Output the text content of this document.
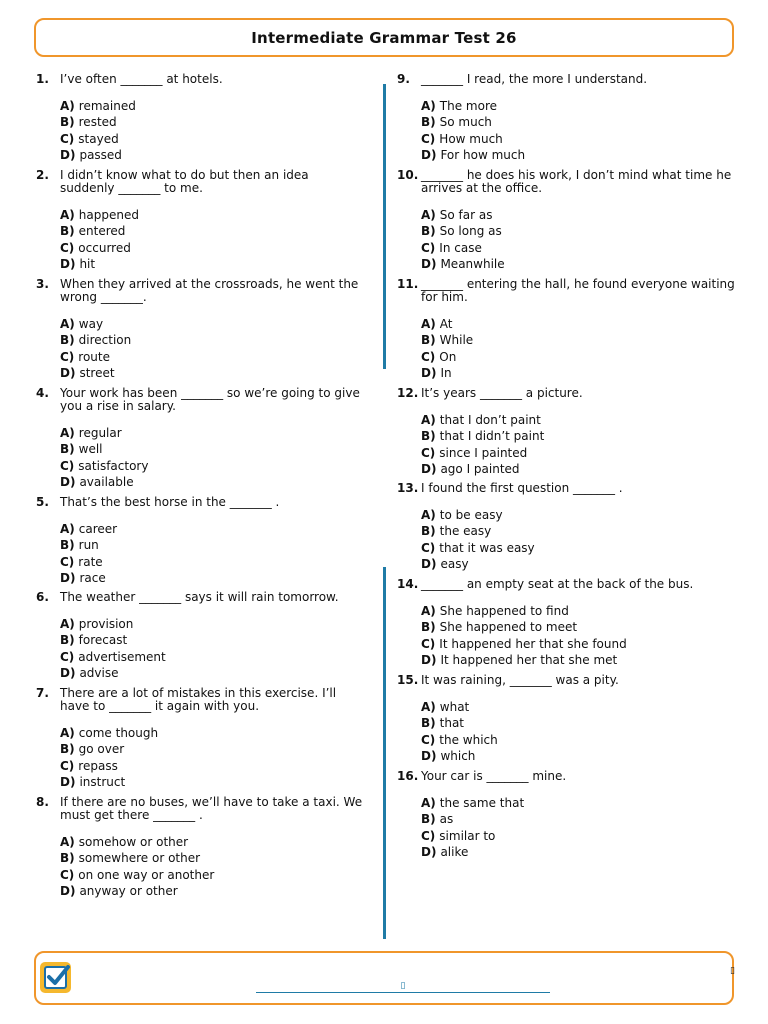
Intermediate Grammar Test 26
1. I’ve often _______ at hotels.
A) remained
B) rested
C) stayed
D) passed
2. I didn’t know what to do but then an idea suddenly _______ to me.
A) happened
B) entered
C) occurred
D) hit
3. When they arrived at the crossroads, he went the wrong _______.
A) way
B) direction
C) route
D) street
4. Your work has been _______ so we’re going to give you a rise in salary.
A) regular
B) well
C) satisfactory
D) available
5. That’s the best horse in the _______ .
A) career
B) run
C) rate
D) race
6. The weather _______ says it will rain tomorrow.
A) provision
B) forecast
C) advertisement
D) advise
7. There are a lot of mistakes in this exercise. I’ll have to _______ it again with you.
A) come though
B) go over
C) repass
D) instruct
8. If there are no buses, we’ll have to take a taxi. We must get there _______ .
A) somehow or other
B) somewhere or other
C) on one way or another
D) anyway or other
9. _______ I read, the more I understand.
A) The more
B) So much
C) How much
D) For how much
10. _______ he does his work, I don’t mind what time he arrives at the office.
A) So far as
B) So long as
C) In case
D) Meanwhile
11. _______ entering the hall, he found everyone waiting for him.
A) At
B) While
C) On
D) In
12. It’s years _______ a picture.
A) that I don’t paint
B) that I didn’t paint
C) since I painted
D) ago I painted
13. I found the first question _______ .
A) to be easy
B) the easy
C) that it was easy
D) easy
14. _______ an empty seat at the back of the bus.
A) She happened to find
B) She happened to meet
C) It happened her that she found
D) It happened her that she met
15. It was raining, _______ was a pity.
A) what
B) that
C) the which
D) which
16. Your car is _______ mine.
A) the same that
B) as
C) similar to
D) alike
▯
▯
